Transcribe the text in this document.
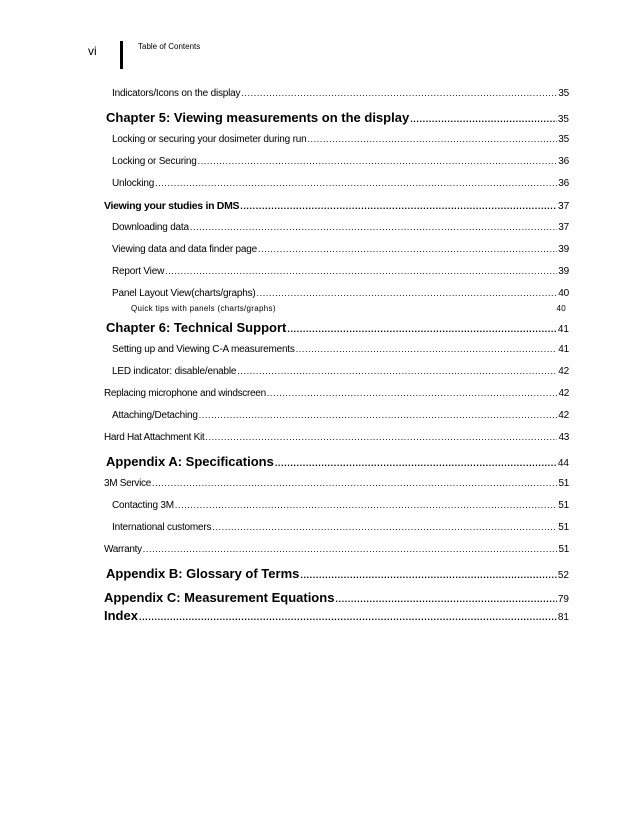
vi	Table of Contents
Indicators/Icons on the display .....	35
Chapter 5: Viewing measurements on the display .....	35
Locking or securing your dosimeter during run .....	35
Locking or Securing .....	36
Unlocking .....	36
Viewing your studies in DMS .....	37
Downloading data .....	37
Viewing data and data finder page .....	39
Report View .....	39
Panel Layout View(charts/graphs) .....	40
Quick tips with panels (charts/graphs)	40
Chapter 6: Technical Support .....	41
Setting up and Viewing C-A measurements .....	41
LED indicator: disable/enable .....	42
Replacing microphone and windscreen .....	42
Attaching/Detaching .....	42
Hard Hat Attachment Kit .....	43
Appendix A: Specifications .....	44
3M Service .....	51
Contacting 3M .....	51
International customers .....	51
Warranty .....	51
Appendix B: Glossary of Terms .....	52
Appendix C: Measurement Equations .....	79
Index .....	81
